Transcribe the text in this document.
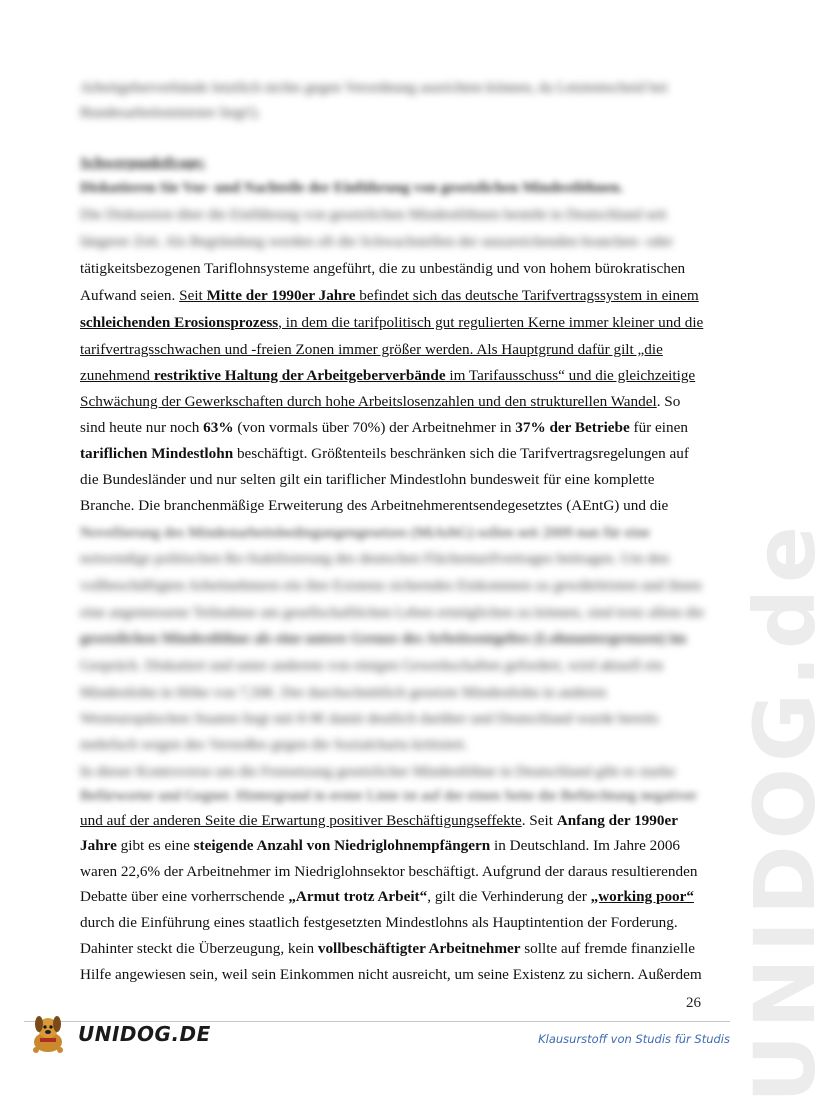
UNIDOG.de
Arbeitgeberverbände letztlich nichts gegen Verordnung ausrichten können, da Letztentscheid bei
Bundesarbeitsminister liegt!).
Schwerpunktfrage:
Diskutieren Sie Vor- und Nachteile der Einführung von gesetzlichen Mindestlöhnen.
Die Diskussion über die Einführung von gesetzlichen Mindestlöhnen besteht in Deutschland seit
längerer Zeit. Als Begründung werden oft die Schwachstellen der unzureichenden branchen- oder
tätigkeitsbezogenen Tariflohnsysteme angeführt, die zu unbeständig und von hohem bürokratischen
Aufwand seien. Seit Mitte der 1990er Jahre befindet sich das deutsche Tarifvertragssystem in einem
schleichenden Erosionsprozess, in dem die tarifpolitisch gut regulierten Kerne immer kleiner und die
tarifvertragsschwachen und -freien Zonen immer größer werden. Als Hauptgrund dafür gilt „die
zunehmend restriktive Haltung der Arbeitgeberverbände im Tarifausschuss“ und die gleichzeitige
Schwächung der Gewerkschaften durch hohe Arbeitslosenzahlen und den strukturellen Wandel. So
sind heute nur noch 63% (von vormals über 70%) der Arbeitnehmer in 37% der Betriebe für einen
tariflichen Mindestlohn beschäftigt. Größtenteils beschränken sich die Tarifvertragsregelungen auf
die Bundesländer und nur selten gilt ein tariflicher Mindestlohn bundesweit für eine komplette
Branche. Die branchenmäßige Erweiterung des Arbeitnehmerentsendegesetztes (AEntG) und die
Novellierung des Mindestarbeitsbedingungengesetzes (MiArbG) sollen seit 2009 nun für eine
notwendige politischen Re-Stabilisierung des deutschen Flächentarifvertrages beitragen. Um den
vollbeschäftigten Arbeitnehmern ein ihre Existenz sicherndes Einkommen zu gewährleisten und ihnen
eine angemessene Teilnahme am gesellschaftlichen Leben ermöglichen zu können, sind trotz allem die
gesetzlichen Mindestlöhne als eine untere Grenze des Arbeitsentgeltes (Lohnuntergrenzen) im
Gespräch. Diskutiert und unter anderem von einigen Gewerkschaften gefordert, wird aktuell ein
Mindestlohn in Höhe von 7,50€. Der durchschnittlich gesetzte Mindestlohn in anderen
Westeuropäischen Staaten liegt mit 8-9€ damit deutlich darüber und Deutschland wurde bereits
mehrfach wegen des Verstoßes gegen die Sozialcharta kritisiert.
In dieser Kontroverse um die Festsetzung gesetzlicher Mindestlöhne in Deutschland gibt es starke
Befürworter und Gegner. Hintergrund in erster Linie ist auf der einen Seite die Befürchtung negativer
und auf der anderen Seite die Erwartung positiver Beschäftigungseffekte. Seit Anfang der 1990er
Jahre gibt es eine steigende Anzahl von Niedriglohnempfängern in Deutschland. Im Jahre 2006
waren 22,6% der Arbeitnehmer im Niedriglohnsektor beschäftigt. Aufgrund der daraus resultierenden
Debatte über eine vorherrschende „Armut trotz Arbeit“, gilt die Verhinderung der „working poor“
durch die Einführung eines staatlich festgesetzten Mindestlohns als Hauptintention der Forderung.
Dahinter steckt die Überzeugung, kein vollbeschäftigter Arbeitnehmer sollte auf fremde finanzielle
Hilfe angewiesen sein, weil sein Einkommen nicht ausreicht, um seine Existenz zu sichern. Außerdem
26
UNIDOG.DE	Klausurstoff von Studis für Studis
